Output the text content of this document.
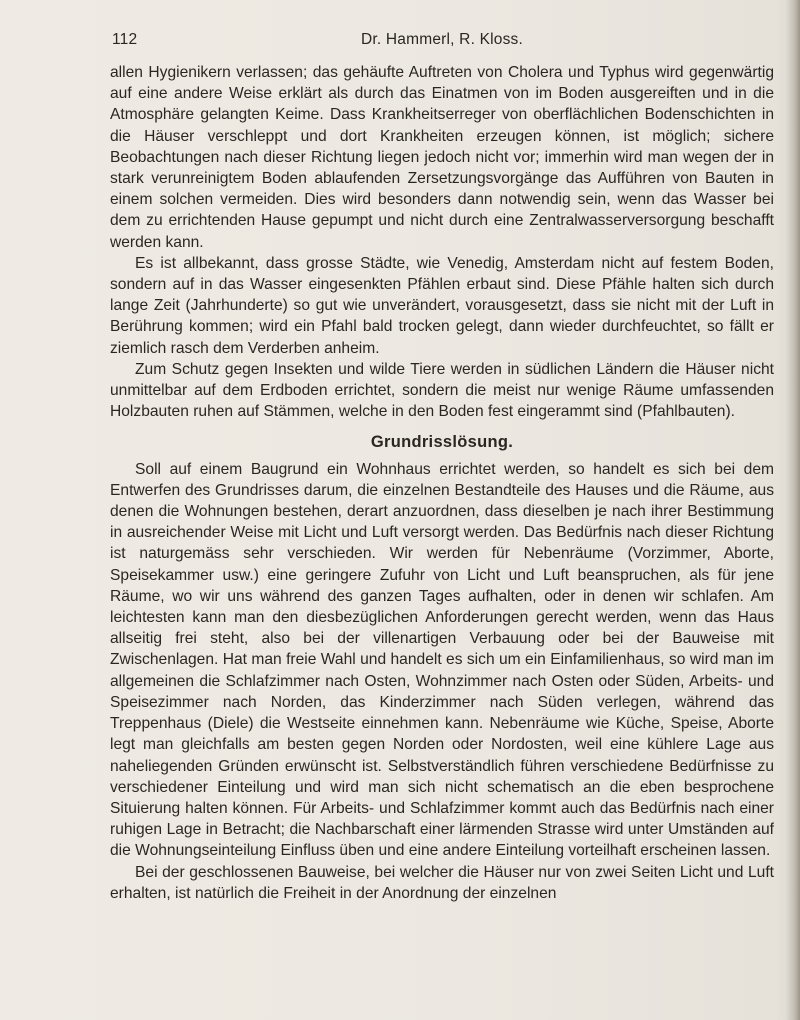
112	Dr. Hammerl, R. Kloss.

allen Hygienikern verlassen; das gehäufte Auftreten von Cholera und Typhus wird gegenwärtig auf eine andere Weise erklärt als durch das Einatmen von im Boden ausgereiften und in die Atmosphäre gelangten Keime. Dass Krankheitserreger von oberflächlichen Bodenschichten in die Häuser verschleppt und dort Krankheiten erzeugen können, ist möglich; sichere Beobachtungen nach dieser Richtung liegen jedoch nicht vor; immerhin wird man wegen der in stark verunreinigtem Boden ablaufenden Zersetzungsvorgänge das Aufführen von Bauten in einem solchen vermeiden. Dies wird besonders dann notwendig sein, wenn das Wasser bei dem zu errichtenden Hause gepumpt und nicht durch eine Zentralwasserversorgung beschafft werden kann.

Es ist allbekannt, dass grosse Städte, wie Venedig, Amsterdam nicht auf festem Boden, sondern auf in das Wasser eingesenkten Pfählen erbaut sind. Diese Pfähle halten sich durch lange Zeit (Jahrhunderte) so gut wie unverändert, vorausgesetzt, dass sie nicht mit der Luft in Berührung kommen; wird ein Pfahl bald trocken gelegt, dann wieder durchfeuchtet, so fällt er ziemlich rasch dem Verderben anheim.

Zum Schutz gegen Insekten und wilde Tiere werden in südlichen Ländern die Häuser nicht unmittelbar auf dem Erdboden errichtet, sondern die meist nur wenige Räume umfassenden Holzbauten ruhen auf Stämmen, welche in den Boden fest eingerammt sind (Pfahlbauten).

Grundrisslösung.

Soll auf einem Baugrund ein Wohnhaus errichtet werden, so handelt es sich bei dem Entwerfen des Grundrisses darum, die einzelnen Bestandteile des Hauses und die Räume, aus denen die Wohnungen bestehen, derart anzuordnen, dass dieselben je nach ihrer Bestimmung in ausreichender Weise mit Licht und Luft versorgt werden. Das Bedürfnis nach dieser Richtung ist naturgemäss sehr verschieden. Wir werden für Nebenräume (Vorzimmer, Aborte, Speisekammer usw.) eine geringere Zufuhr von Licht und Luft beanspruchen, als für jene Räume, wo wir uns während des ganzen Tages aufhalten, oder in denen wir schlafen. Am leichtesten kann man den diesbezüglichen Anforderungen gerecht werden, wenn das Haus allseitig frei steht, also bei der villenartigen Verbauung oder bei der Bauweise mit Zwischenlagen. Hat man freie Wahl und handelt es sich um ein Einfamilienhaus, so wird man im allgemeinen die Schlafzimmer nach Osten, Wohnzimmer nach Osten oder Süden, Arbeits- und Speisezimmer nach Norden, das Kinderzimmer nach Süden verlegen, während das Treppenhaus (Diele) die Westseite einnehmen kann. Nebenräume wie Küche, Speise, Aborte legt man gleichfalls am besten gegen Norden oder Nordosten, weil eine kühlere Lage aus naheliegenden Gründen erwünscht ist. Selbstverständlich führen verschiedene Bedürfnisse zu verschiedener Einteilung und wird man sich nicht schematisch an die eben besprochene Situierung halten können. Für Arbeits- und Schlafzimmer kommt auch das Bedürfnis nach einer ruhigen Lage in Betracht; die Nachbarschaft einer lärmenden Strasse wird unter Umständen auf die Wohnungseinteilung Einfluss üben und eine andere Einteilung vorteilhaft erscheinen lassen.

Bei der geschlossenen Bauweise, bei welcher die Häuser nur von zwei Seiten Licht und Luft erhalten, ist natürlich die Freiheit in der Anordnung der einzelnen
